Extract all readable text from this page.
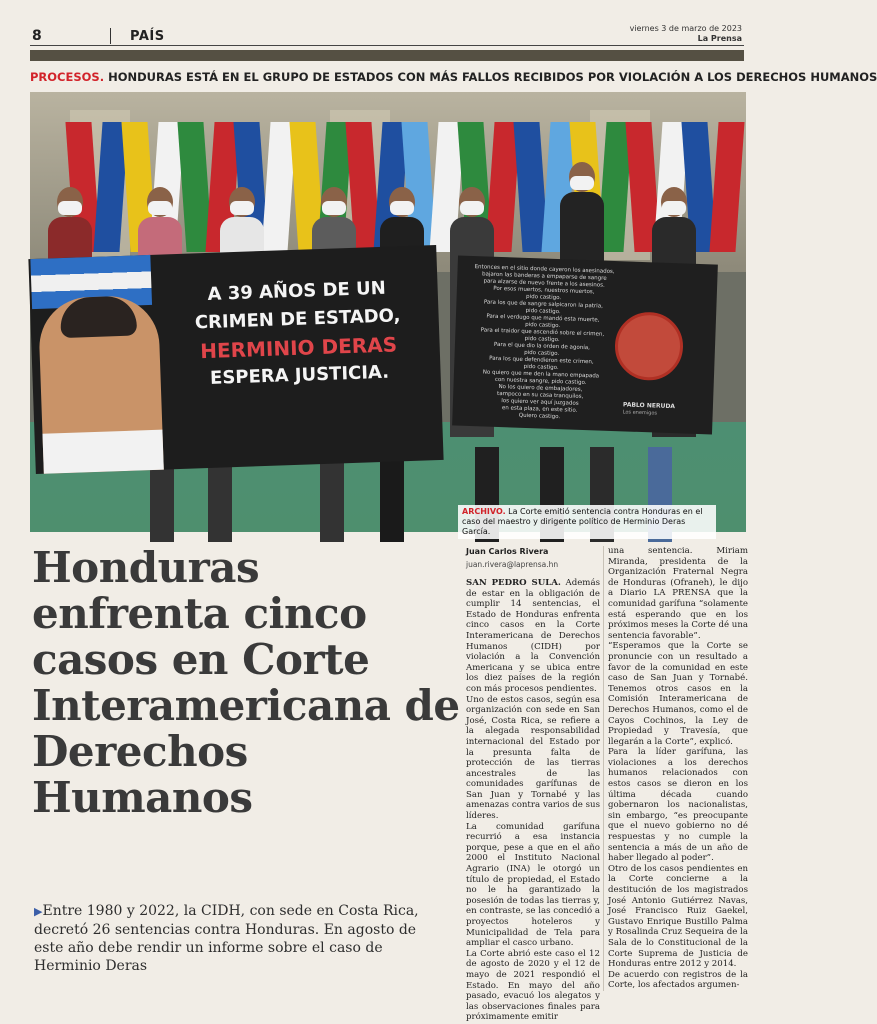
8	PAÍS
viernes 3 de marzo de 2023
La Prensa
PROCESOS. HONDURAS ESTÁ EN EL GRUPO DE ESTADOS CON MÁS FALLOS RECIBIDOS POR VIOLACIÓN A LOS DERECHOS HUMANOS
A 39 AÑOS DE UN
CRIMEN DE ESTADO,
HERMINIO DERAS
ESPERA JUSTICIA.
Entonces en el sitio donde cayeron los asesinados,
bajaron las banderas a empaparse de sangre
para alzarse de nuevo frente a los asesinos.
Por esos muertos, nuestros muertos,
pido castigo.
Para los que de sangre salpicaron la patria,
pido castigo.
Para el verdugo que mandó esta muerte,
pido castigo.
Para el traidor que ascendió sobre el crimen,
pido castigo.
Para el que dio la orden de agonía,
pido castigo.
Para los que defendieron este crimen,
pido castigo.
No quiero que me den la mano empapada
con nuestra sangre, pido castigo.
No los quiero de embajadores,
tampoco en su casa tranquilos,
los quiero ver aquí juzgados
en esta plaza, en este sitio.
Quiero castigo.
PABLO NERUDA
Los enemigos
ARCHIVO. La Corte emitió sentencia contra Honduras en el caso del maestro y dirigente político de Herminio Deras García.
Honduras enfrenta cinco casos en Corte Interamericana de Derechos Humanos
▶Entre 1980 y 2022, la CIDH, con sede en Costa Rica, decretó 26 sentencias contra Honduras. En agosto de este año debe rendir un informe sobre el caso de Herminio Deras
Juan Carlos Rivera
juan.rivera@laprensa.hn

SAN PEDRO SULA. Además de estar en la obligación de cumplir 14 sentencias, el Estado de Honduras enfrenta cinco casos en la Corte Interamericana de Derechos Humanos (CIDH) por violación a la Convención Americana y se ubica entre los diez países de la región con más procesos pendientes.

Uno de estos casos, según esa organización con sede en San José, Costa Rica, se refiere a la alegada responsabilidad internacional del Estado por la presunta falta de protección de las tierras ancestrales de las comunidades garífunas de San Juan y Tornabé y las amenazas contra varios de sus líderes.

La comunidad garífuna recurrió a esa instancia porque, pese a que en el año 2000 el Instituto Nacional Agrario (INA) le otorgó un título de propiedad, el Estado no le ha garantizado la posesión de todas las tierras y, en contraste, se las concedió a proyectos hoteleros y Municipalidad de Tela para ampliar el casco urbano.

La Corte abrió este caso el 12 de agosto de 2020 y el 12 de mayo de 2021 respondió el Estado. En mayo del año pasado, evacuó los alegatos y las observaciones finales para próximamente emitir

una sentencia. Miriam Miranda, presidenta de la Organización Fraternal Negra de Honduras (Ofraneh), le dijo a Diario LA PRENSA que la comunidad garífuna “solamente está esperando que en los próximos meses la Corte dé una sentencia favorable”.

“Esperamos que la Corte se pronuncie con un resultado a favor de la comunidad en este caso de San Juan y Tornabé. Tenemos otros casos en la Comisión Interamericana de Derechos Humanos, como el de Cayos Cochinos, la Ley de Propiedad y Travesía, que llegarán a la Corte”, explicó.

Para la líder garífuna, las violaciones a los derechos humanos relacionados con estos casos se dieron en los última década cuando gobernaron los nacionalistas, sin embargo, “es preocupante que el nuevo gobierno no dé respuestas y no cumple la sentencia a más de un año de haber llegado al poder”.

Otro de los casos pendientes en la Corte concierne a la destitución de los magistrados José Antonio Gutiérrez Navas, José Francisco Ruiz Gaekel, Gustavo Enrique Bustillo Palma y Rosalinda Cruz Sequeira de la Sala de lo Constitucional de la Corte Suprema de Justicia de Honduras entre 2012 y 2014.

De acuerdo con registros de la Corte, los afectados argumen-
